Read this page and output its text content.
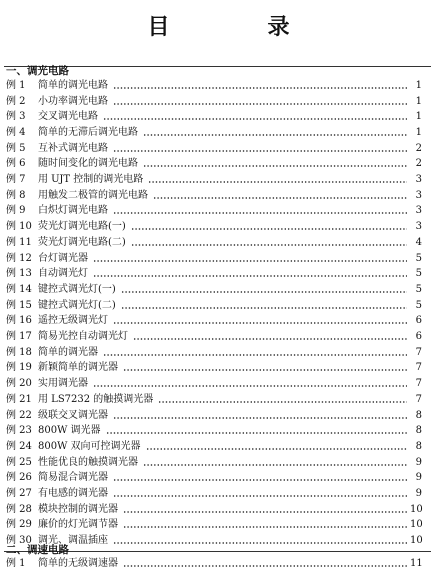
目　录
一、调光电路
例 1	简单的调光电路	1
例 2	小功率调光电路	1
例 3	交叉调光电路	1
例 4	简单的无滞后调光电路	1
例 5	互补式调光电路	2
例 6	随时间变化的调光电路	2
例 7	用 UJT 控制的调光电路	3
例 8	用触发二极管的调光电路	3
例 9	白炽灯调光电路	3
例 10 荧光灯调光电路(一)	3
例 11 荧光灯调光电路(二)	4
例 12 台灯调光器	5
例 13 自动调光灯	5
例 14 键控式调光灯(一)	5
例 15 键控式调光灯(二)	5
例 16 遥控无级调光灯	6
例 17 简易光控自动调光灯	6
例 18 简单的调光器	7
例 19 新颖简单的调光器	7
例 20 实用调光器	7
例 21 用 LS7232 的触摸调光器	7
例 22 级联交叉调光器	8
例 23 800W 调光器	8
例 24 800W 双向可控调光器	8
例 25 性能优良的触摸调光器	9
例 26 简易混合调光器	9
例 27 有电感的调光器	9
例 28 模块控制的调光器	10
例 29 廉价的灯光调节器	10
例 30 调光、调温插座	10
二、调速电路
例 1	简单的无级调速器	11
